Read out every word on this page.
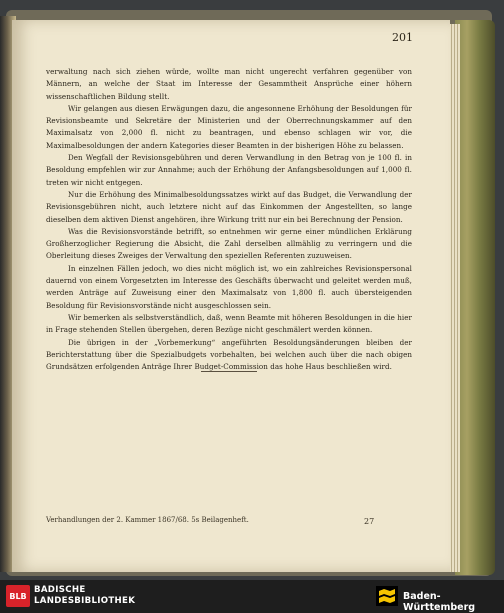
201

verwaltung nach sich ziehen würde, wollte man nicht ungerecht verfahren gegenüber von Männern, an welche der Staat im Interesse der Gesammtheit Ansprüche einer höhern wissenschaftlichen Bildung stellt.

Wir gelangen aus diesen Erwägungen dazu, die angesonnene Erhöhung der Besoldungen für Revisionsbeamte und Sekretäre der Ministerien und der Oberrechnungskammer auf den Maximalsatz von 2,000 fl. nicht zu beantragen, und ebenso schlagen wir vor, die Maximalbesoldungen der andern Kategories dieser Beamten in der bisherigen Höhe zu belassen.

Den Wegfall der Revisionsgebühren und deren Verwandlung in den Betrag von je 100 fl. in Besoldung empfehlen wir zur Annahme; auch der Erhöhung der Anfangsbesoldungen auf 1,000 fl. treten wir nicht entgegen.

Nur die Erhöhung des Minimalbesoldungssatzes wirkt auf das Budget, die Verwandlung der Revisionsgebühren nicht, auch letztere nicht auf das Einkommen der Angestellten, so lange dieselben dem aktiven Dienst angehören, ihre Wirkung tritt nur ein bei Berechnung der Pension.

Was die Revisionsvorstände betrifft, so entnehmen wir gerne einer mündlichen Erklärung Großherzoglicher Regierung die Absicht, die Zahl derselben allmählig zu verringern und die Oberleitung dieses Zweiges der Verwaltung den speziellen Referenten zuzuweisen.

In einzelnen Fällen jedoch, wo dies nicht möglich ist, wo ein zahlreiches Revisionspersonal dauernd von einem Vorgesetzten im Interesse des Geschäfts überwacht und geleitet werden muß, werden Anträge auf Zuweisung einer den Maximalsatz von 1,800 fl. auch übersteigenden Besoldung für Revisionsvorstände nicht ausgeschlossen sein.

Wir bemerken als selbstverständlich, daß, wenn Beamte mit höheren Besoldungen in die hier in Frage stehenden Stellen übergehen, deren Bezüge nicht geschmälert werden können.

Die übrigen in der „Vorbemerkung“ angeführten Besoldungsänderungen bleiben der Berichterstattung über die Spezialbudgets vorbehalten, bei welchen auch über die nach obigen Grundsätzen erfolgenden Anträge Ihrer Budget-Commission das hohe Haus beschließen wird.

Verhandlungen der 2. Kammer 1867/68. 5s Beilagenheft.	27
BLB
BADISCHE
LANDESBIBLIOTHEK	Baden-Württemberg
